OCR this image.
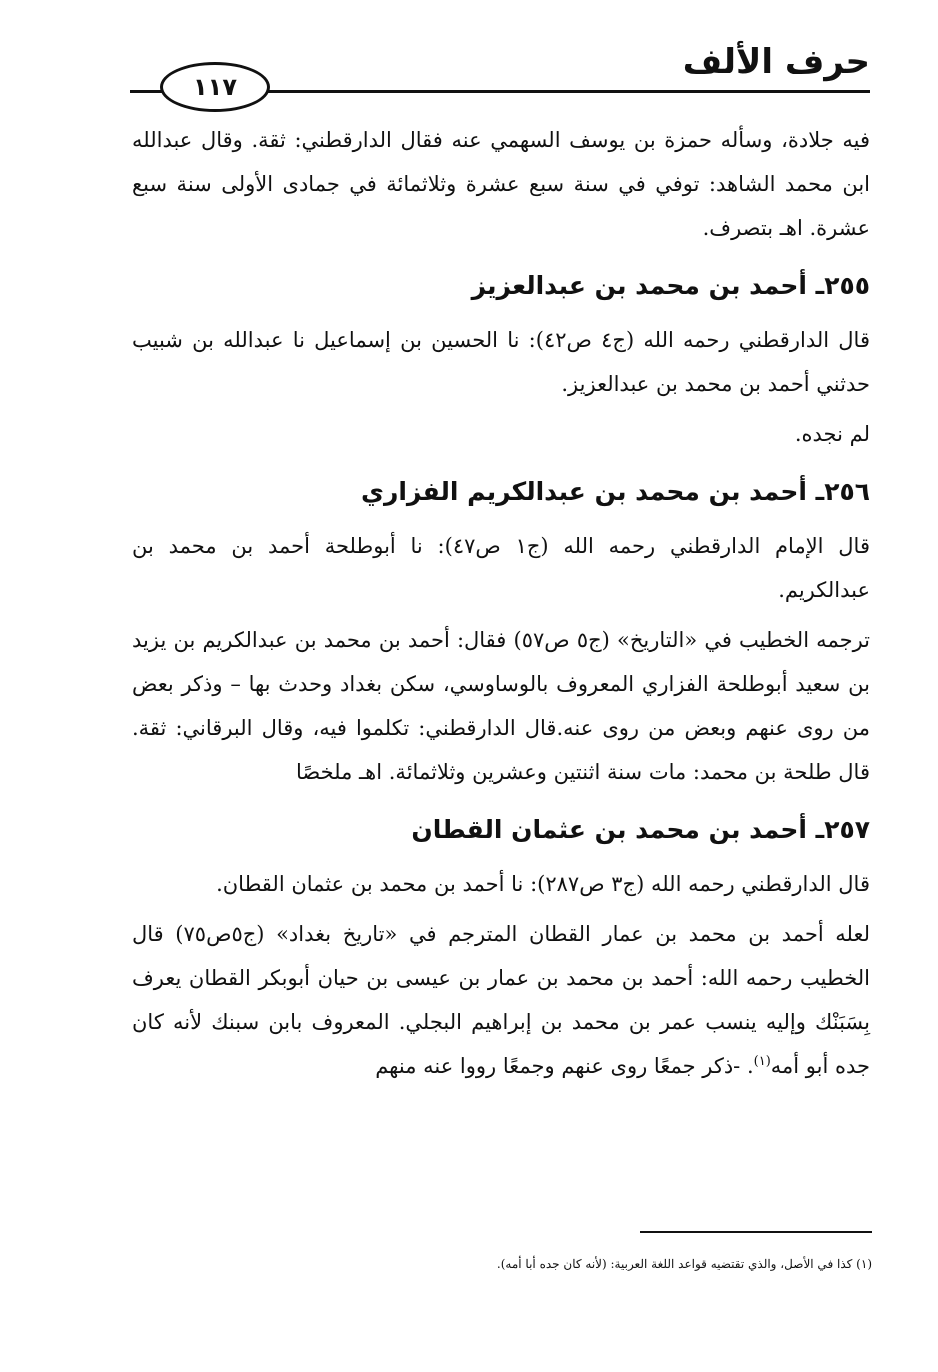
حرف الألف
١١٧

فيه جلادة، وسأله حمزة بن يوسف السهمي عنه فقال الدارقطني: ثقة. وقال عبدالله ابن محمد الشاهد: توفي في سنة سبع عشرة وثلاثمائة في جمادى الأولى سنة سبع عشرة. اهـ بتصرف.

٢٥٥ـ أحمد بن محمد بن عبدالعزيز

قال الدارقطني رحمه الله (ج٤ ص٤٢): نا الحسين بن إسماعيل نا عبدالله بن شبيب حدثني أحمد بن محمد بن عبدالعزيز.

لم نجده.

٢٥٦ـ أحمد بن محمد بن عبدالكريم الفزاري

قال الإمام الدارقطني رحمه الله (ج١ ص٤٧): نا أبوطلحة أحمد بن محمد بن عبدالكريم.

ترجمه الخطيب في «التاريخ» (ج٥ ص٥٧) فقال: أحمد بن محمد بن عبدالكريم بن يزيد بن سعيد أبوطلحة الفزاري المعروف بالوساوسي، سكن بغداد وحدث بها – وذكر بعض من روى عنهم وبعض من روى عنه.قال الدارقطني: تكلموا فيه، وقال البرقاني: ثقة. قال طلحة بن محمد: مات سنة اثنتين وعشرين وثلاثمائة. اهـ ملخصًا

٢٥٧ـ أحمد بن محمد بن عثمان القطان

قال الدارقطني رحمه الله (ج٣ ص٢٨٧): نا أحمد بن محمد بن عثمان القطان.

لعله أحمد بن محمد بن عمار القطان المترجم في «تاريخ بغداد» (ج٥ص٧٥) قال الخطيب رحمه الله: أحمد بن محمد بن عمار بن عيسى بن حيان أبوبكر القطان يعرف بِسَبَنْك وإليه ينسب عمر بن محمد بن إبراهيم البجلي. المعروف بابن سبنك لأنه كان جده أبو أمه$^{(١)}$. -ذكر جمعًا روى عنهم وجمعًا رووا عنه منهم

(١) كذا في الأصل، والذي تقتضيه قواعد اللغة العربية: (لأنه كان جده أبا أمه).
